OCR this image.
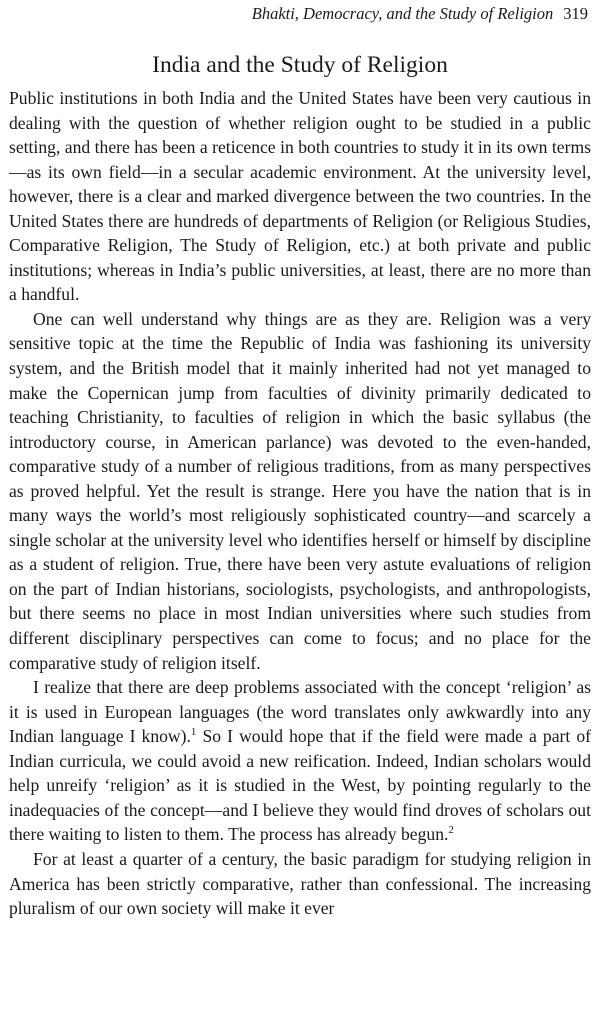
Bhakti, Democracy, and the Study of Religion 319
India and the Study of Religion

Public institutions in both India and the United States have been very cautious in dealing with the question of whether religion ought to be studied in a public setting, and there has been a reticence in both countries to study it in its own terms—as its own field—in a secular academic environment. At the university level, however, there is a clear and marked divergence between the two countries. In the United States there are hundreds of departments of Religion (or Religious Studies, Comparative Religion, The Study of Religion, etc.) at both private and public institutions; whereas in India’s public universities, at least, there are no more than a handful.

One can well understand why things are as they are. Religion was a very sensitive topic at the time the Republic of India was fashioning its university system, and the British model that it mainly inherited had not yet managed to make the Copernican jump from faculties of divinity primarily dedicated to teaching Christianity, to faculties of religion in which the basic syllabus (the introductory course, in American parlance) was devoted to the even-handed, comparative study of a number of religious traditions, from as many perspectives as proved helpful. Yet the result is strange. Here you have the nation that is in many ways the world’s most religiously sophisticated country—and scarcely a single scholar at the university level who identifies herself or himself by discipline as a student of religion. True, there have been very astute evaluations of religion on the part of Indian historians, sociologists, psychologists, and anthropologists, but there seems no place in most Indian universities where such studies from different disciplinary perspectives can come to focus; and no place for the comparative study of religion itself.

I realize that there are deep problems associated with the concept ‘religion’ as it is used in European languages (the word translates only awkwardly into any Indian language I know).$^1$ So I would hope that if the field were made a part of Indian curricula, we could avoid a new reification. Indeed, Indian scholars would help unreify ‘religion’ as it is studied in the West, by pointing regularly to the inadequacies of the concept—and I believe they would find droves of scholars out there waiting to listen to them. The process has already begun.$^2$

For at least a quarter of a century, the basic paradigm for studying religion in America has been strictly comparative, rather than confessional. The increasing pluralism of our own society will make it ever
